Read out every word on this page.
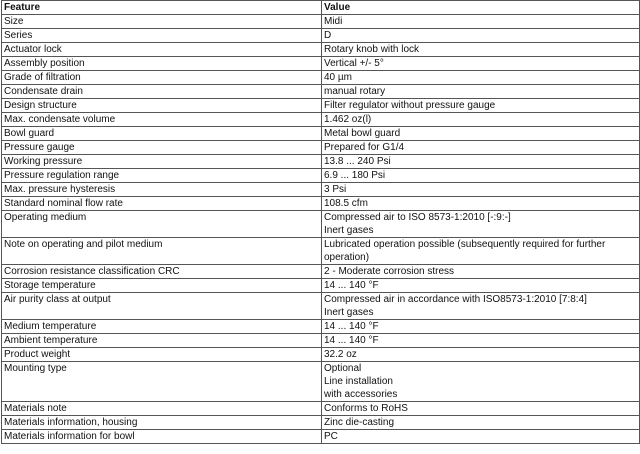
Feature	Value
Size	Midi

Series	D

Actuator lock	Rotary knob with lock

Assembly position	Vertical +/- 5°

Grade of filtration	40 µm

Condensate drain	manual rotary

Design structure	Filter regulator without pressure gauge

Max. condensate volume	1.462 oz(l)

Bowl guard	Metal bowl guard

Pressure gauge	Prepared for G1/4

Working pressure	13.8 ... 240 Psi

Pressure regulation range	6.9 ... 180 Psi

Max. pressure hysteresis	3 Psi

Standard nominal flow rate	108.5 cfm

Operating medium	Compressed air to ISO 8573-1:2010 [-:9:-]
Inert gases

Note on operating and pilot medium	Lubricated operation possible (subsequently required for further
operation)

Corrosion resistance classification CRC	2 - Moderate corrosion stress

Storage temperature	14 ... 140 °F

Air purity class at output	Compressed air in accordance with ISO8573-1:2010 [7:8:4]
Inert gases

Medium temperature	14 ... 140 °F

Ambient temperature	14 ... 140 °F

Product weight	32.2 oz

Mounting type	Optional
Line installation
with accessories

Materials note	Conforms to RoHS

Materials information, housing	Zinc die-casting

Materials information for bowl	PC
